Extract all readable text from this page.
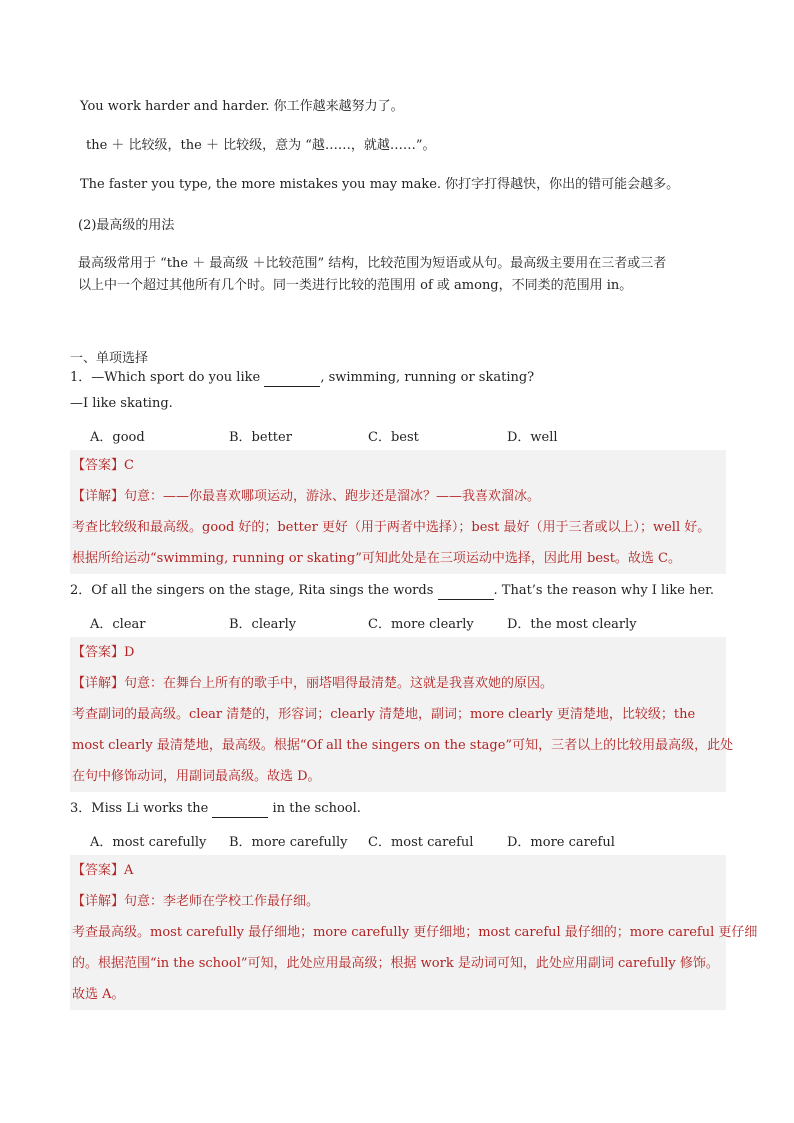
You work harder and harder. 你工作越来越努力了。
the ＋ 比较级，the ＋ 比较级，意为 “越……，就越……”。
The faster you type, the more mistakes you may make. 你打字打得越快，你出的错可能会越多。
(2)最高级的用法
最高级常用于 “the ＋ 最高级 ＋比较范围” 结构，比较范围为短语或从句。最高级主要用在三者或三者
以上中一个超过其他所有几个时。同一类进行比较的范围用 of 或 among，不同类的范围用 in。
一、单项选择
1．—Which sport do you like	, swimming, running or skating?
—I like skating.
A．good	B．better	C．best	D．well
【答案】C
【详解】句意：——你最喜欢哪项运动，游泳、跑步还是溜冰？——我喜欢溜冰。
考查比较级和最高级。good 好的；better 更好（用于两者中选择）；best 最好（用于三者或以上）；well 好。
根据所给运动“swimming, running or skating”可知此处是在三项运动中选择，因此用 best。故选 C。
2．Of all the singers on the stage, Rita sings the words	. That’s the reason why I like her.
A．clear	B．clearly	C．more clearly	D．the most clearly
【答案】D
【详解】句意：在舞台上所有的歌手中，丽塔唱得最清楚。这就是我喜欢她的原因。
考查副词的最高级。clear 清楚的，形容词；clearly 清楚地，副词；more clearly 更清楚地，比较级；the
most clearly 最清楚地，最高级。根据“Of all the singers on the stage”可知，三者以上的比较用最高级，此处
在句中修饰动词，用副词最高级。故选 D。
3．Miss Li works the	in the school.
A．most carefully	B．more carefully	C．most careful	D．more careful
【答案】A
【详解】句意：李老师在学校工作最仔细。
考查最高级。most carefully 最仔细地；more carefully 更仔细地；most careful 最仔细的；more careful 更仔细
的。根据范围“in the school”可知，此处应用最高级；根据 work 是动词可知，此处应用副词 carefully 修饰。
故选 A。
